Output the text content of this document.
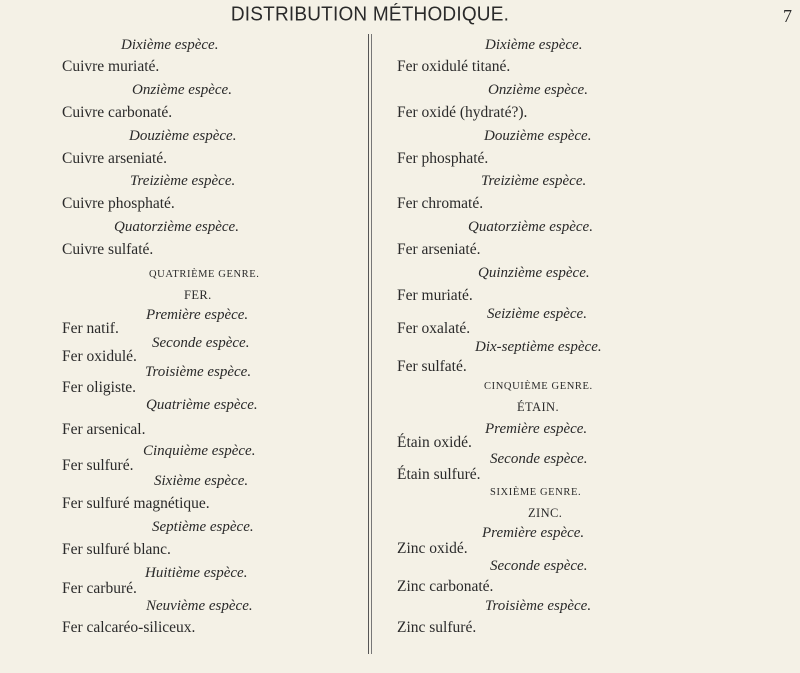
DISTRIBUTION MÉTHODIQUE.	7
Dixième espèce.
Cuivre muriaté.
Onzième espèce.
Cuivre carbonaté.
Douzième espèce.
Cuivre arseniaté.
Treizième espèce.
Cuivre phosphaté.
Quatorzième espèce.
Cuivre sulfaté.
QUATRIÈME GENRE.
FER.
Première espèce.
Fer natif.
Seconde espèce.
Fer oxidulé.
Troisième espèce.
Fer oligiste.
Quatrième espèce.
Fer arsenical.
Cinquième espèce.
Fer sulfuré.
Sixième espèce.
Fer sulfuré magnétique.
Septième espèce.
Fer sulfuré blanc.
Huitième espèce.
Fer carburé.
Neuvième espèce.
Fer calcaréo-siliceux.
Dixième espèce.
Fer oxidulé titané.
Onzième espèce.
Fer oxidé (hydraté?).
Douzième espèce.
Fer phosphaté.
Treizième espèce.
Fer chromaté.
Quatorzième espèce.
Fer arseniaté.
Quinzième espèce.
Fer muriaté.
Seizième espèce.
Fer oxalaté.
Dix-septième espèce.
Fer sulfaté.
CINQUIÈME GENRE.
ÉTAIN.
Première espèce.
Étain oxidé.
Seconde espèce.
Étain sulfuré.
SIXIÈME GENRE.
ZINC.
Première espèce.
Zinc oxidé.
Seconde espèce.
Zinc carbonaté.
Troisième espèce.
Zinc sulfuré.
